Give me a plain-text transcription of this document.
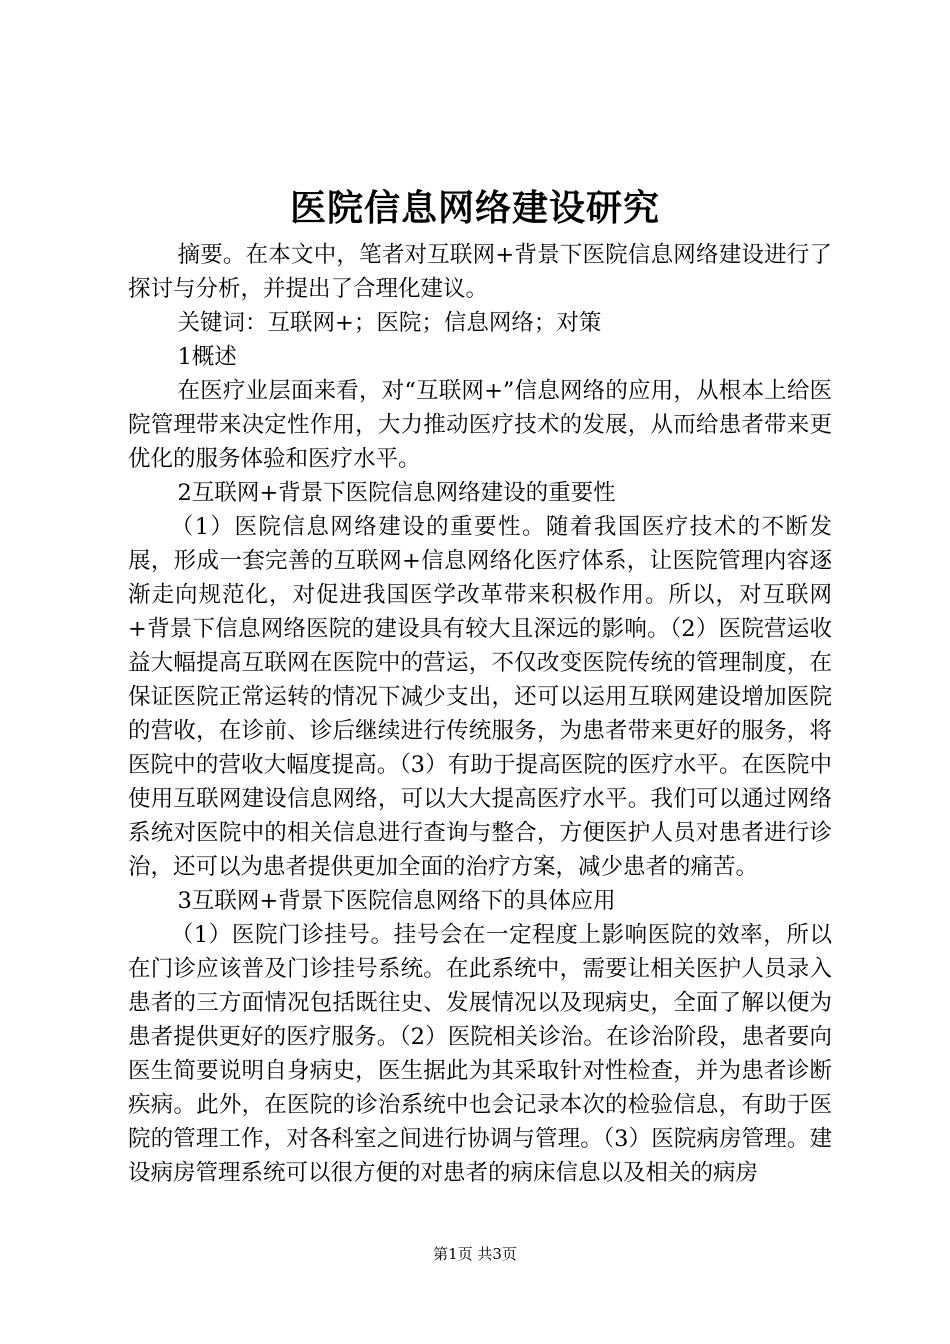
医院信息网络建设研究

摘要。在本文中，笔者对互联网+背景下医院信息网络建设进行了探讨与分析，并提出了合理化建议。

关键词：互联网+；医院；信息网络；对策

1概述

在医疗业层面来看，对“互联网+”信息网络的应用，从根本上给医院管理带来决定性作用，大力推动医疗技术的发展，从而给患者带来更优化的服务体验和医疗水平。

2互联网+背景下医院信息网络建设的重要性

（1）医院信息网络建设的重要性。随着我国医疗技术的不断发展，形成一套完善的互联网+信息网络化医疗体系，让医院管理内容逐渐走向规范化，对促进我国医学改革带来积极作用。所以，对互联网+背景下信息网络医院的建设具有较大且深远的影响。（2）医院营运收益大幅提高互联网在医院中的营运，不仅改变医院传统的管理制度，在保证医院正常运转的情况下减少支出，还可以运用互联网建设增加医院的营收，在诊前、诊后继续进行传统服务，为患者带来更好的服务，将医院中的营收大幅度提高。（3）有助于提高医院的医疗水平。在医院中使用互联网建设信息网络，可以大大提高医疗水平。我们可以通过网络系统对医院中的相关信息进行查询与整合，方便医护人员对患者进行诊治，还可以为患者提供更加全面的治疗方案，减少患者的痛苦。

3互联网+背景下医院信息网络下的具体应用

（1）医院门诊挂号。挂号会在一定程度上影响医院的效率，所以在门诊应该普及门诊挂号系统。在此系统中，需要让相关医护人员录入患者的三方面情况包括既往史、发展情况以及现病史，全面了解以便为患者提供更好的医疗服务。（2）医院相关诊治。在诊治阶段，患者要向医生简要说明自身病史，医生据此为其采取针对性检查，并为患者诊断疾病。此外，在医院的诊治系统中也会记录本次的检验信息，有助于医院的管理工作，对各科室之间进行协调与管理。（3）医院病房管理。建设病房管理系统可以很方便的对患者的病床信息以及相关的病房

第1页 共3页
